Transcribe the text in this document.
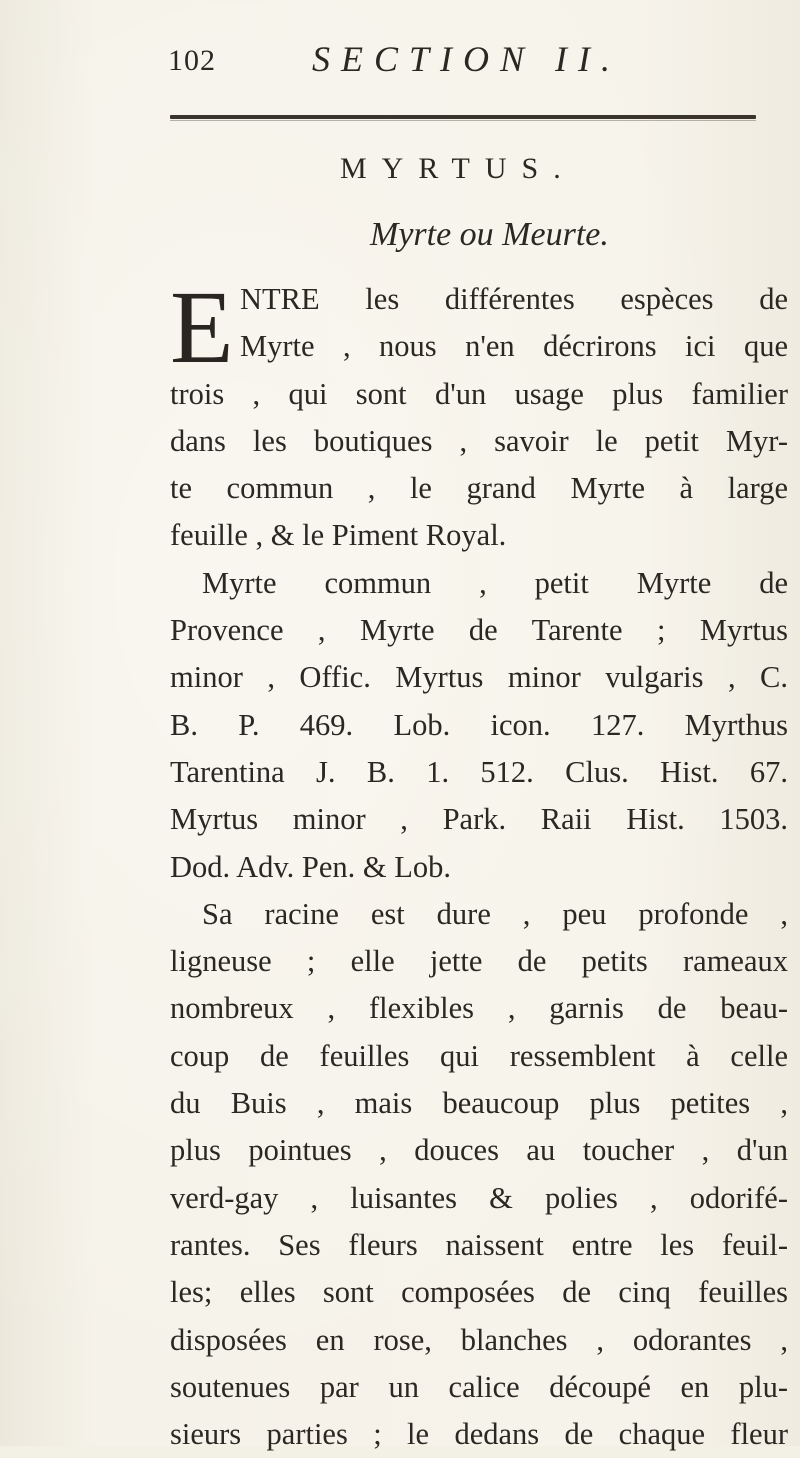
102	SECTION II.
MYRTUS.
Myrte ou Meurte.
E NTRE les différentes espèces de
Myrte , nous n'en décrirons ici que
trois , qui sont d'un usage plus familier
dans les boutiques , savoir le petit Myr-
te commun , le grand Myrte à large
feuille , & le Piment Royal.
Myrte commun , petit Myrte de
Provence , Myrte de Tarente ; Myrtus
minor , Offic. Myrtus minor vulgaris , C.
B. P. 469. Lob. icon. 127. Myrthus
Tarentina J. B. 1. 512. Clus. Hist. 67.
Myrtus minor , Park. Raii Hist. 1503.
Dod. Adv. Pen. & Lob.
Sa racine est dure , peu profonde ,
ligneuse ; elle jette de petits rameaux
nombreux , flexibles , garnis de beau-
coup de feuilles qui ressemblent à celle
du Buis , mais beaucoup plus petites ,
plus pointues , douces au toucher , d'un
verd-gay , luisantes & polies , odorifé-
rantes. Ses fleurs naissent entre les feuil-
les; elles sont composées de cinq feuilles
disposées en rose, blanches , odorantes ,
soutenues par un calice découpé en plu-
sieurs parties ; le dedans de chaque fleur
